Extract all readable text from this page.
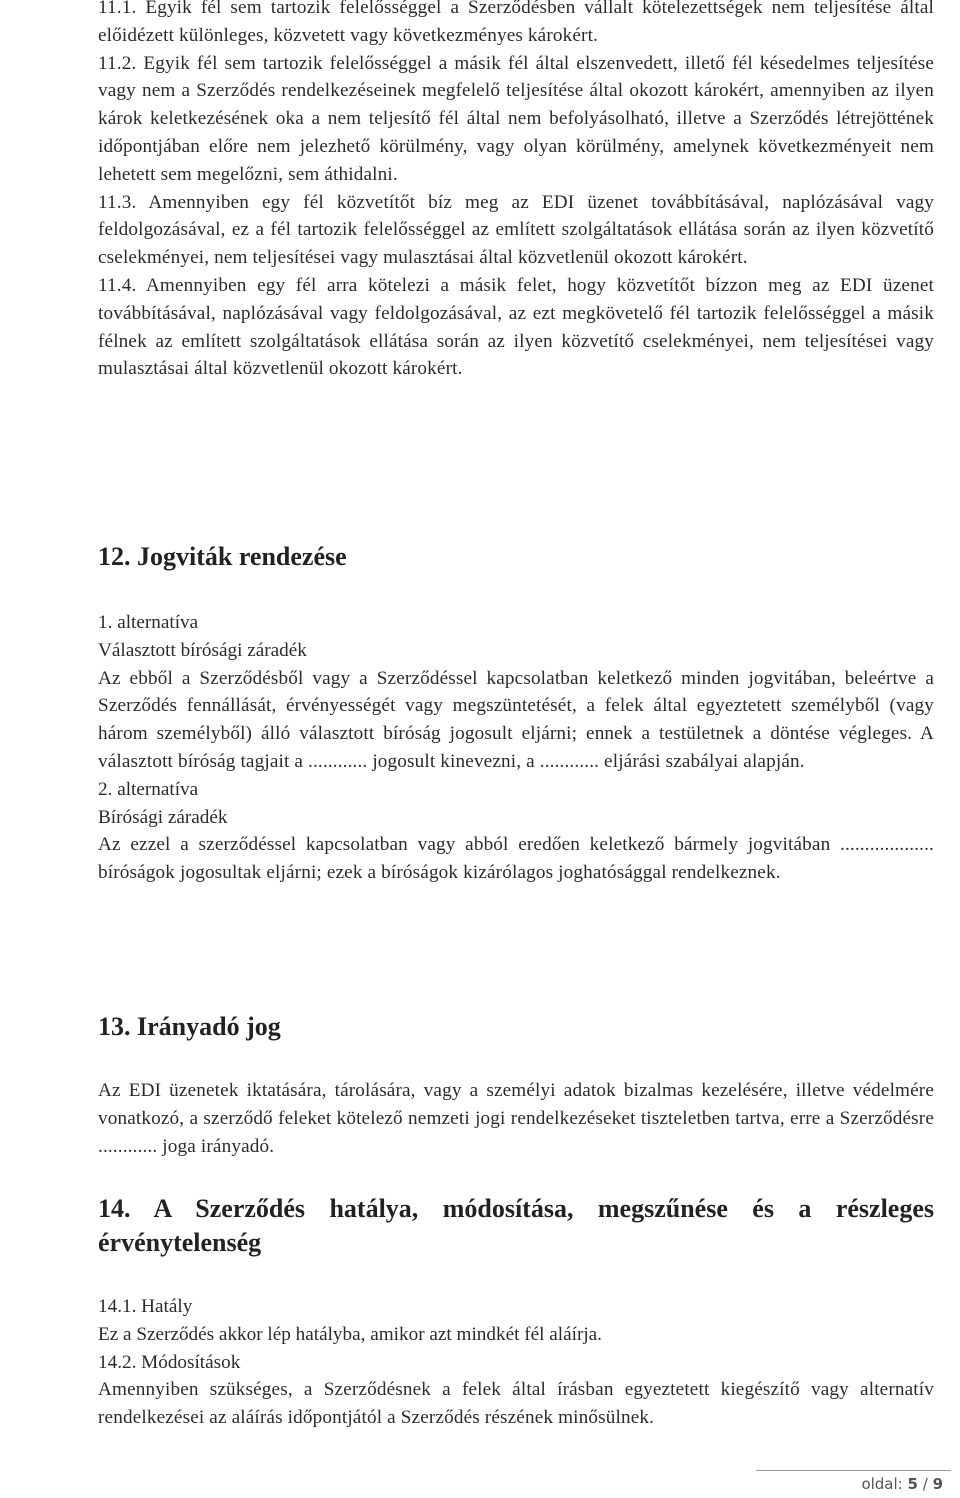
11.1. Egyik fél sem tartozik felelősséggel a Szerződésben vállalt kötelezettségek nem teljesítése által előidézett különleges, közvetett vagy következményes károkért.

11.2. Egyik fél sem tartozik felelősséggel a másik fél által elszenvedett, illető fél késedelmes teljesítése vagy nem a Szerződés rendelkezéseinek megfelelő teljesítése által okozott károkért, amennyiben az ilyen károk keletkezésének oka a nem teljesítő fél által nem befolyásolható, illetve a Szerződés létrejöttének időpontjában előre nem jelezhető körülmény, vagy olyan körülmény, amelynek következményeit nem lehetett sem megelőzni, sem áthidalni.

11.3. Amennyiben egy fél közvetítőt bíz meg az EDI üzenet továbbításával, naplózásával vagy feldolgozásával, ez a fél tartozik felelősséggel az említett szolgáltatások ellátása során az ilyen közvetítő cselekményei, nem teljesítései vagy mulasztásai által közvetlenül okozott károkért.

11.4. Amennyiben egy fél arra kötelezi a másik felet, hogy közvetítőt bízzon meg az EDI üzenet továbbításával, naplózásával vagy feldolgozásával, az ezt megkövetelő fél tartozik felelősséggel a másik félnek az említett szolgáltatások ellátása során az ilyen közvetítő cselekményei, nem teljesítései vagy mulasztásai által közvetlenül okozott károkért.

12. Jogviták rendezése

1. alternatíva

Választott bírósági záradék

Az ebből a Szerződésből vagy a Szerződéssel kapcsolatban keletkező minden jogvitában, beleértve a Szerződés fennállását, érvényességét vagy megszüntetését, a felek által egyeztetett személyből (vagy három személyből) álló választott bíróság jogosult eljárni; ennek a testületnek a döntése végleges. A választott bíróság tagjait a ............ jogosult kinevezni, a ............ eljárási szabályai alapján.

2. alternatíva

Bírósági záradék

Az ezzel a szerződéssel kapcsolatban vagy abból eredően keletkező bármely jogvitában ................... bíróságok jogosultak eljárni; ezek a bíróságok kizárólagos joghatósággal rendelkeznek.

13. Irányadó jog

Az EDI üzenetek iktatására, tárolására, vagy a személyi adatok bizalmas kezelésére, illetve védelmére vonatkozó, a szerződő feleket kötelező nemzeti jogi rendelkezéseket tiszteletben tartva, erre a Szerződésre ............ joga irányadó.

14. A Szerződés hatálya, módosítása, megszűnése és a részleges érvénytelenség

14.1. Hatály

Ez a Szerződés akkor lép hatályba, amikor azt mindkét fél aláírja.

14.2. Módosítások

Amennyiben szükséges, a Szerződésnek a felek által írásban egyeztetett kiegészítő vagy alternatív rendelkezései az aláírás időpontjától a Szerződés részének minősülnek.

oldal: 5 / 9
